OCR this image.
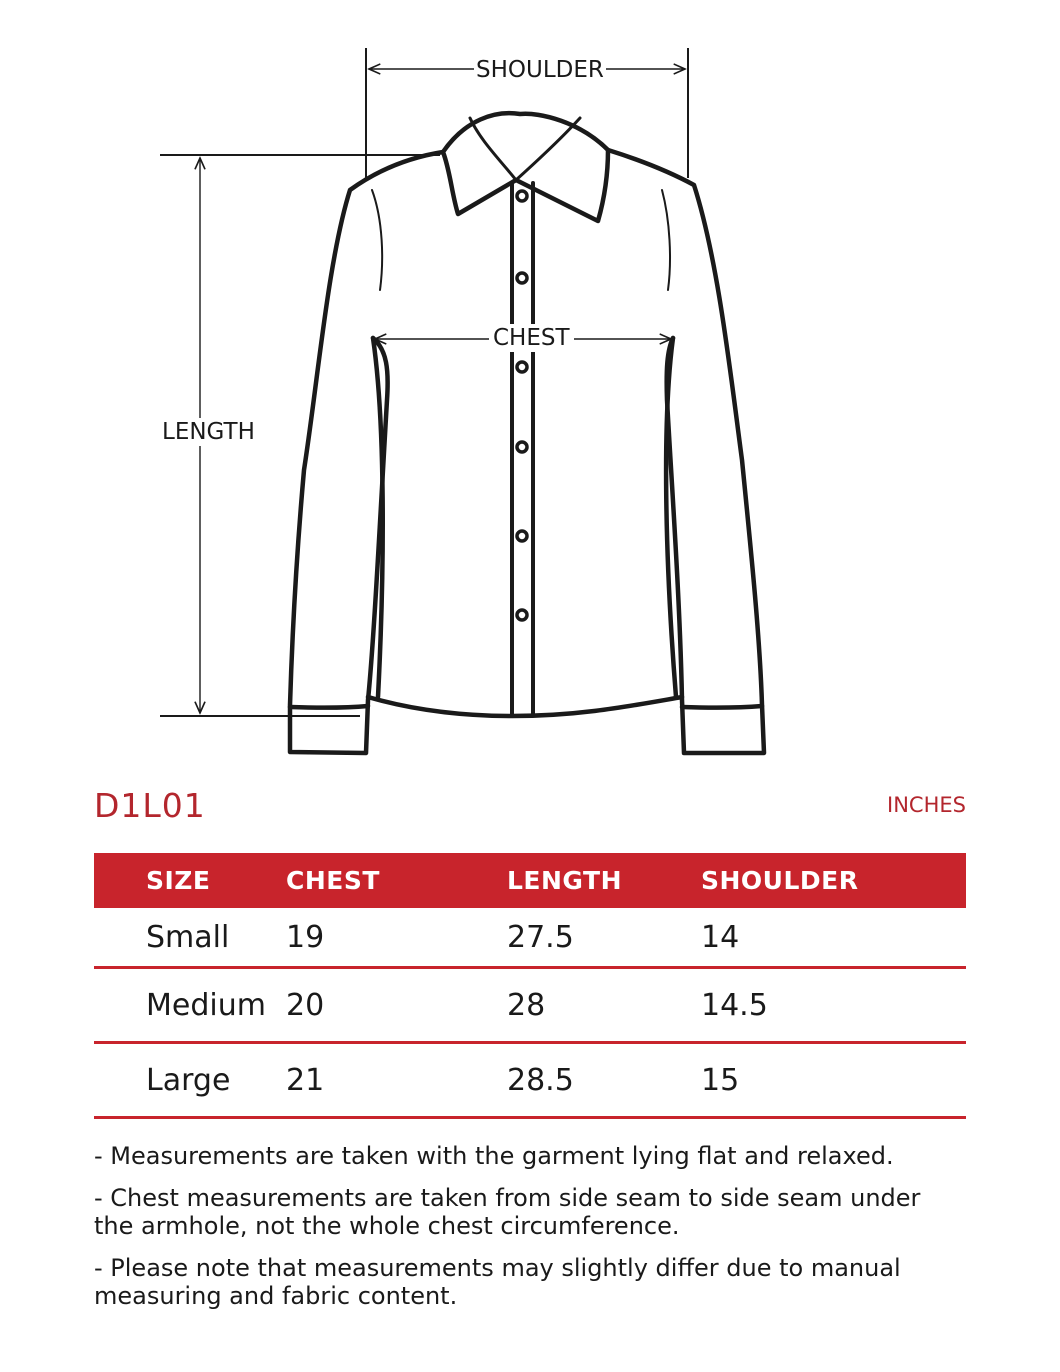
SHOULDER
CHEST
LENGTH
D1L01	INCHES
SIZE	CHEST	LENGTH	SHOULDER
Small	19	27.5	14
Medium	20	28	14.5
Large	21	28.5	15

- Measurements are taken with the garment lying flat and relaxed.

- Chest measurements are taken from side seam to side seam under
the armhole, not the whole chest circumference.

- Please note that measurements may slightly differ due to manual
measuring and fabric content.
